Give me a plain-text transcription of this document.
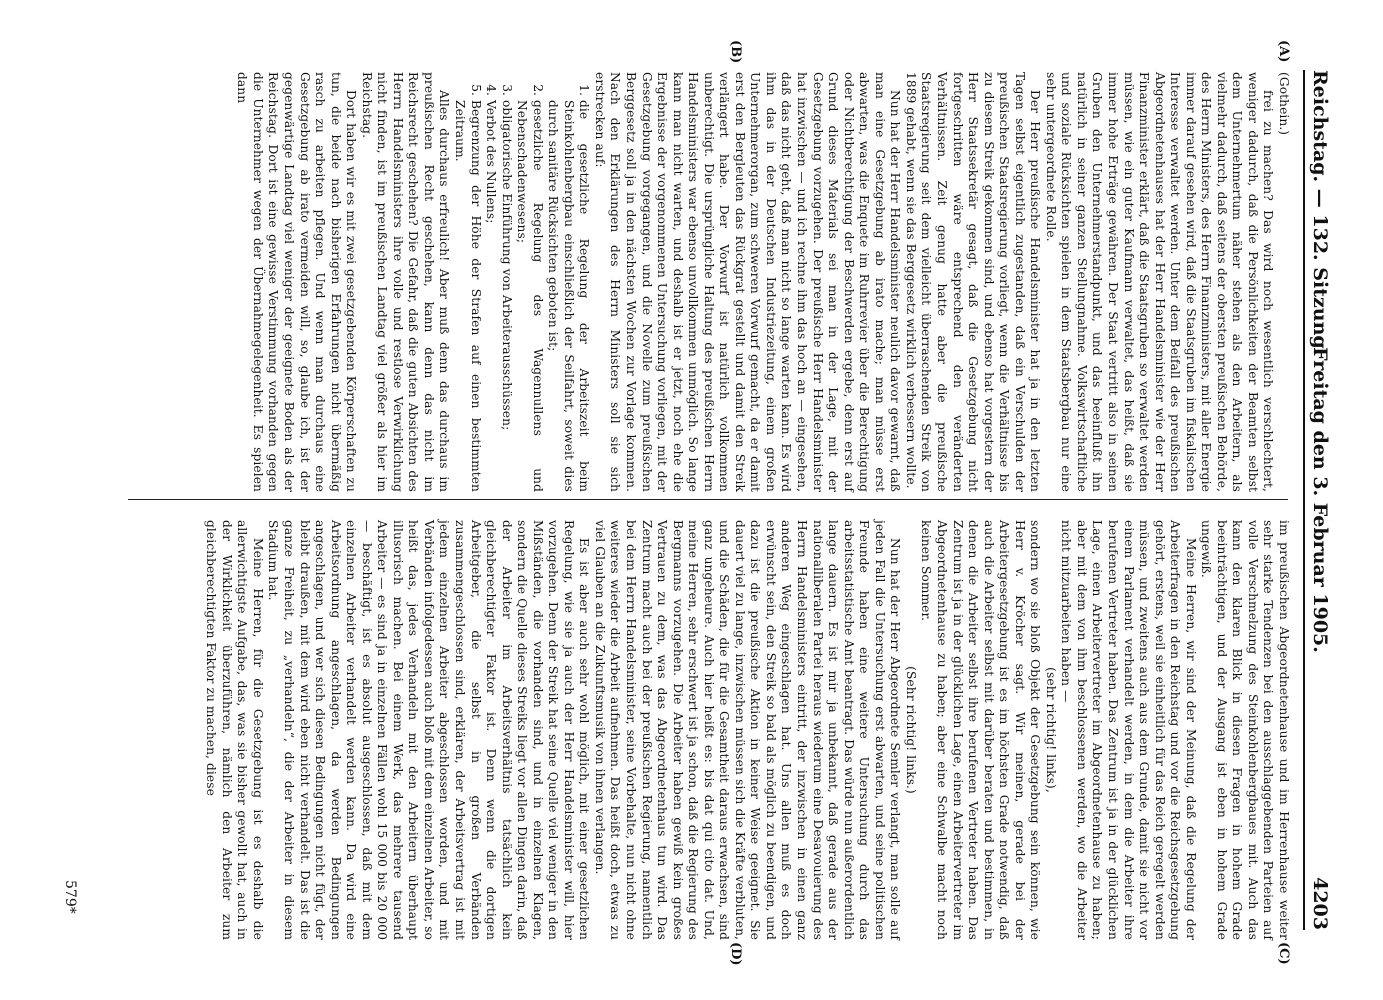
Reichstag. — 132. Sitzung.
Freitag den 3. Februar 1905.
4203
(A)
(B)
(C)
(D)

(Gothein.)

frei zu machen? Das wird noch wesentlich verschlechtert, weniger dadurch, daß die Persönlichkeiten der Beamten selbst dem Unternehmertum näher stehen als den Arbeitern, als vielmehr dadurch, daß seitens der obersten preußischen Behörde, des Herrn Ministers, des Herrn Finanzministers, mit aller Energie immer darauf gesehen wird, daß die Staatsgruben im fiskalischen Interesse verwaltet werden. Unter dem Beifall des preußischen Abgeordnetenhauses hat der Herr Handelsminister wie der Herr Finanzminister erklärt, daß die Staatsgruben so verwaltet werden müssen, wie ein guter Kaufmann verwaltet, das heißt, daß sie immer hohe Erträge gewähren. Der Staat vertritt also in seinen Gruben den Unternehmerstandpunkt, und das beeinflußt ihn natürlich in seiner ganzen Stellungnahme. Volkswirtschaftliche und soziale Rücksichten spielen in dem Staatsbergbau nur eine sehr untergeordnete Rolle.

Der Herr preußische Handelsminister hat ja in den letzten Tagen selbst eigentlich zugestanden, daß ein Verschulden der preußischen Staatsregierung vorliegt, wenn die Verhältnisse bis zu diesem Streik gekommen sind, und ebenso hat vorgestern der Herr Staatssekretär gesagt, daß die Gesetzgebung nicht fortgeschritten wäre entsprechend den veränderten Verhältnissen. Zeit genug hatte aber die preußische Staatsregierung seit dem vielleicht überraschenden Streik von 1889 gehabt, wenn sie das Berggesetz wirklich verbessern wollte.

Nun hat der Herr Handelsminister neulich davor gewarnt, daß man eine Gesetzgebung ab irato mache; man müsse erst abwarten, was die Enquete im Ruhrrevier über die Berechtigung oder Nichtberechtigung der Beschwerden ergebe, denn erst auf Grund dieses Materials sei man in der Lage, mit der Gesetzgebung vorzugehen. Der preußische Herr Handelsminister hat inzwischen — und ich rechne ihm das hoch an — eingesehen, daß das nicht geht, daß man nicht so lange warten kann. Es wird ihm das in der Deutschen Industriezeitung, einem großen Unternehmerorgan, zum schweren Vorwurf gemacht, da er damit erst den Bergleuten das Rückgrat gestellt und damit den Streik verlängert habe. Der Vorwurf ist natürlich vollkommen unberechtigt. Die ursprüngliche Haltung des preußischen Herrn Handelsministers war ebenso unvollkommen unmöglich. So lange kann man nicht warten, und deshalb ist er jetzt, noch ehe die Ergebnisse der vorgenommenen Untersuchung vorliegen, mit der Gesetzgebung vorgegangen, und die Novelle zum preußischen Berggesetz soll ja in den nächsten Wochen zur Vorlage kommen. Nach den Erklärungen des Herrn Ministers soll sie sich erstrecken auf:

1. die gesetzliche Regelung der Arbeitszeit beim Steinkohlenbergbau einschließlich der Seilfahrt, soweit dies durch sanitäre Rücksichten geboten ist;
2. gesetzliche Regelung des Wagennullens und Nebenschadenwesens;
3. obligatorische Einführung von Arbeiterausschüssen;
4. Verbot des Nullens;
5. Begrenzung der Höhe der Strafen auf einen bestimmten Zeitraum.

Alles durchaus erfreulich! Aber muß denn das durchaus im preußischen Recht geschehen, kann denn das nicht im Reichsrecht geschehen? Die Gefahr, daß die guten Absichten des Herrn Handelsministers ihre volle und restlose Verwirklichung nicht finden, ist im preußischen Landtag viel größer als hier im Reichstag.

Dort haben wir es mit zwei gesetzgebenden Körperschaften zu tun, die beide nach bisherigen Erfahrungen nicht übermäßig rasch zu arbeiten pflegen. Und wenn man durchaus eine Gesetzgebung ab irato vermeiden will, so, glaube ich, ist der gegenwärtige Landtag viel weniger der geeignete Boden als der Reichstag. Dort ist eine gewisse Verstimmung vorhanden gegen die Unternehmer wegen der Übernahmegelegenheit. Es spielen dann

im preußischen Abgeordnetenhause und im Herrenhause weiter sehr starke Tendenzen bei den ausschlaggebenden Parteien auf volle Verschmelzung des Steinkohlenbergbaues mit. Auch das kann den klaren Blick in diesen Fragen in hohem Grade beeinträchtigen, und der Ausgang ist eben in hohem Grade ungewiß.

Meine Herren, wir sind der Meinung, daß die Regelung der Arbeiterfragen in den Reichstag und vor die Reichsgesetzgebung gehört, erstens, weil sie einheitlich für das Reich geregelt werden müssen, und zweitens auch aus dem Grunde, damit sie nicht vor einem Parlament verhandelt werden, in dem die Arbeiter ihre berufenen Vertreter haben. Das Zentrum ist ja in der glücklichen Lage, einen Arbeitervertreter im Abgeordnetenhause zu haben; aber mit dem von ihm beschlossenen werden, wo die Arbeiter nicht mitzuarbeiten haben —

(sehr richtig! links),

sondern wo sie bloß Objekt der Gesetzgebung sein können, wie Herr v. Kröcher sagt. Wir meinen, gerade bei der Arbeitergesetzgebung ist es im höchsten Grade notwendig, daß auch die Arbeiter selbst mit darüber beraten und bestimmen, in denen die Arbeiter selbst ihre berufenen Vertreter haben. Das Zentrum ist ja in der glücklichen Lage, einen Arbeitervertreter im Abgeordnetenhause zu haben; aber eine Schwalbe macht noch keinen Sommer.

(Sehr richtig! links.)

Nun hat der Herr Abgeordnete Semler verlangt, man solle auf jeden Fall die Untersuchung erst abwarten, und seine politischen Freunde haben eine weitere Untersuchung durch das arbeitsstatistische Amt beantragt. Das würde nun außerordentlich lange dauern. Es ist mir ja unbekannt, daß gerade aus der nationalliberalen Partei heraus wiederum eine Desavouierung des Herrn Handelsministers eintritt, der inzwischen in einen ganz anderen Weg eingeschlagen hat. Uns allen muß es doch erwünscht sein, den Streik so bald als möglich zu beendigen, und dazu ist die preußische Aktion in keiner Weise geeignet. Sie dauert viel zu lange, inzwischen müssen sich die Kräfte verbluten, und die Schäden, die für die Gesamtheit daraus erwachsen, sind ganz ungeheure. Auch hier heißt es: bis dat qui cito dat. Und, meine Herren, sehr erschwert ist ja schon, daß die Regierung des Bergmanns vorzugehen. Die Arbeiter haben gewiß kein großes Vertrauen zu dem, was das Abgeordnetenhaus tun wird. Das Zentrum macht auch bei der preußischen Regierung, namentlich bei dem Herrn Handelsminister, seine Vorbehalte, nun nicht ohne weiteres wieder die Arbeit aufnehmen. Das heißt doch, etwas zu viel Glauben an die Zukunftsmusik von ihnen verlangen.

Es ist aber auch sehr wohl möglich, mit einer gesetzlichen Regelung, wie sie ja auch der Herr Handelsminister will, hier vorzugehen. Denn der Streik hat seine Quelle viel weniger in den Mißständen, die vorhanden sind, und in einzelnen Klagen, sondern die Quelle dieses Streiks liegt vor allen Dingen darin, daß der Arbeiter im Arbeitsverhältnis tatsächlich kein gleichberechtigter Faktor ist. Denn wenn die dortigen Arbeitgeber, die selbst in großen Verbänden zusammengeschlossen sind, erklären, der Arbeitsvertrag ist mit jedem einzelnen Arbeiter abgeschlossen worden, und mit Verbänden infolgedessen auch bloß mit dem einzelnen Arbeiter, so heißt das, jedes Verhandeln mit den Arbeitern überhaupt illusorisch machen. Bei einem Werk, das mehrere tausend Arbeiter — es sind ja in einzelnen Fällen wohl 15 000 bis 20 000 — beschäftigt, ist es absolut ausgeschlossen, daß mit dem einzelnen Arbeiter verhandelt werden kann. Da wird eine Arbeitsordnung angeschlagen, da werden Bedingungen angeschlagen, und wer sich diesen Bedingungen nicht fügt, der bleibt draußen, mit dem wird eben nicht verhandelt. Das ist die ganze Freiheit, zu „verhandeln“, die der Arbeiter in diesem Stadium hat.

Meine Herren, für die Gesetzgebung ist es deshalb die allerwichtigste Aufgabe, das, was sie bisher gewollt hat, auch in der Wirklichkeit überzuführen, nämlich den Arbeiter zum gleichberechtigten Faktor zu machen, diese

579*
